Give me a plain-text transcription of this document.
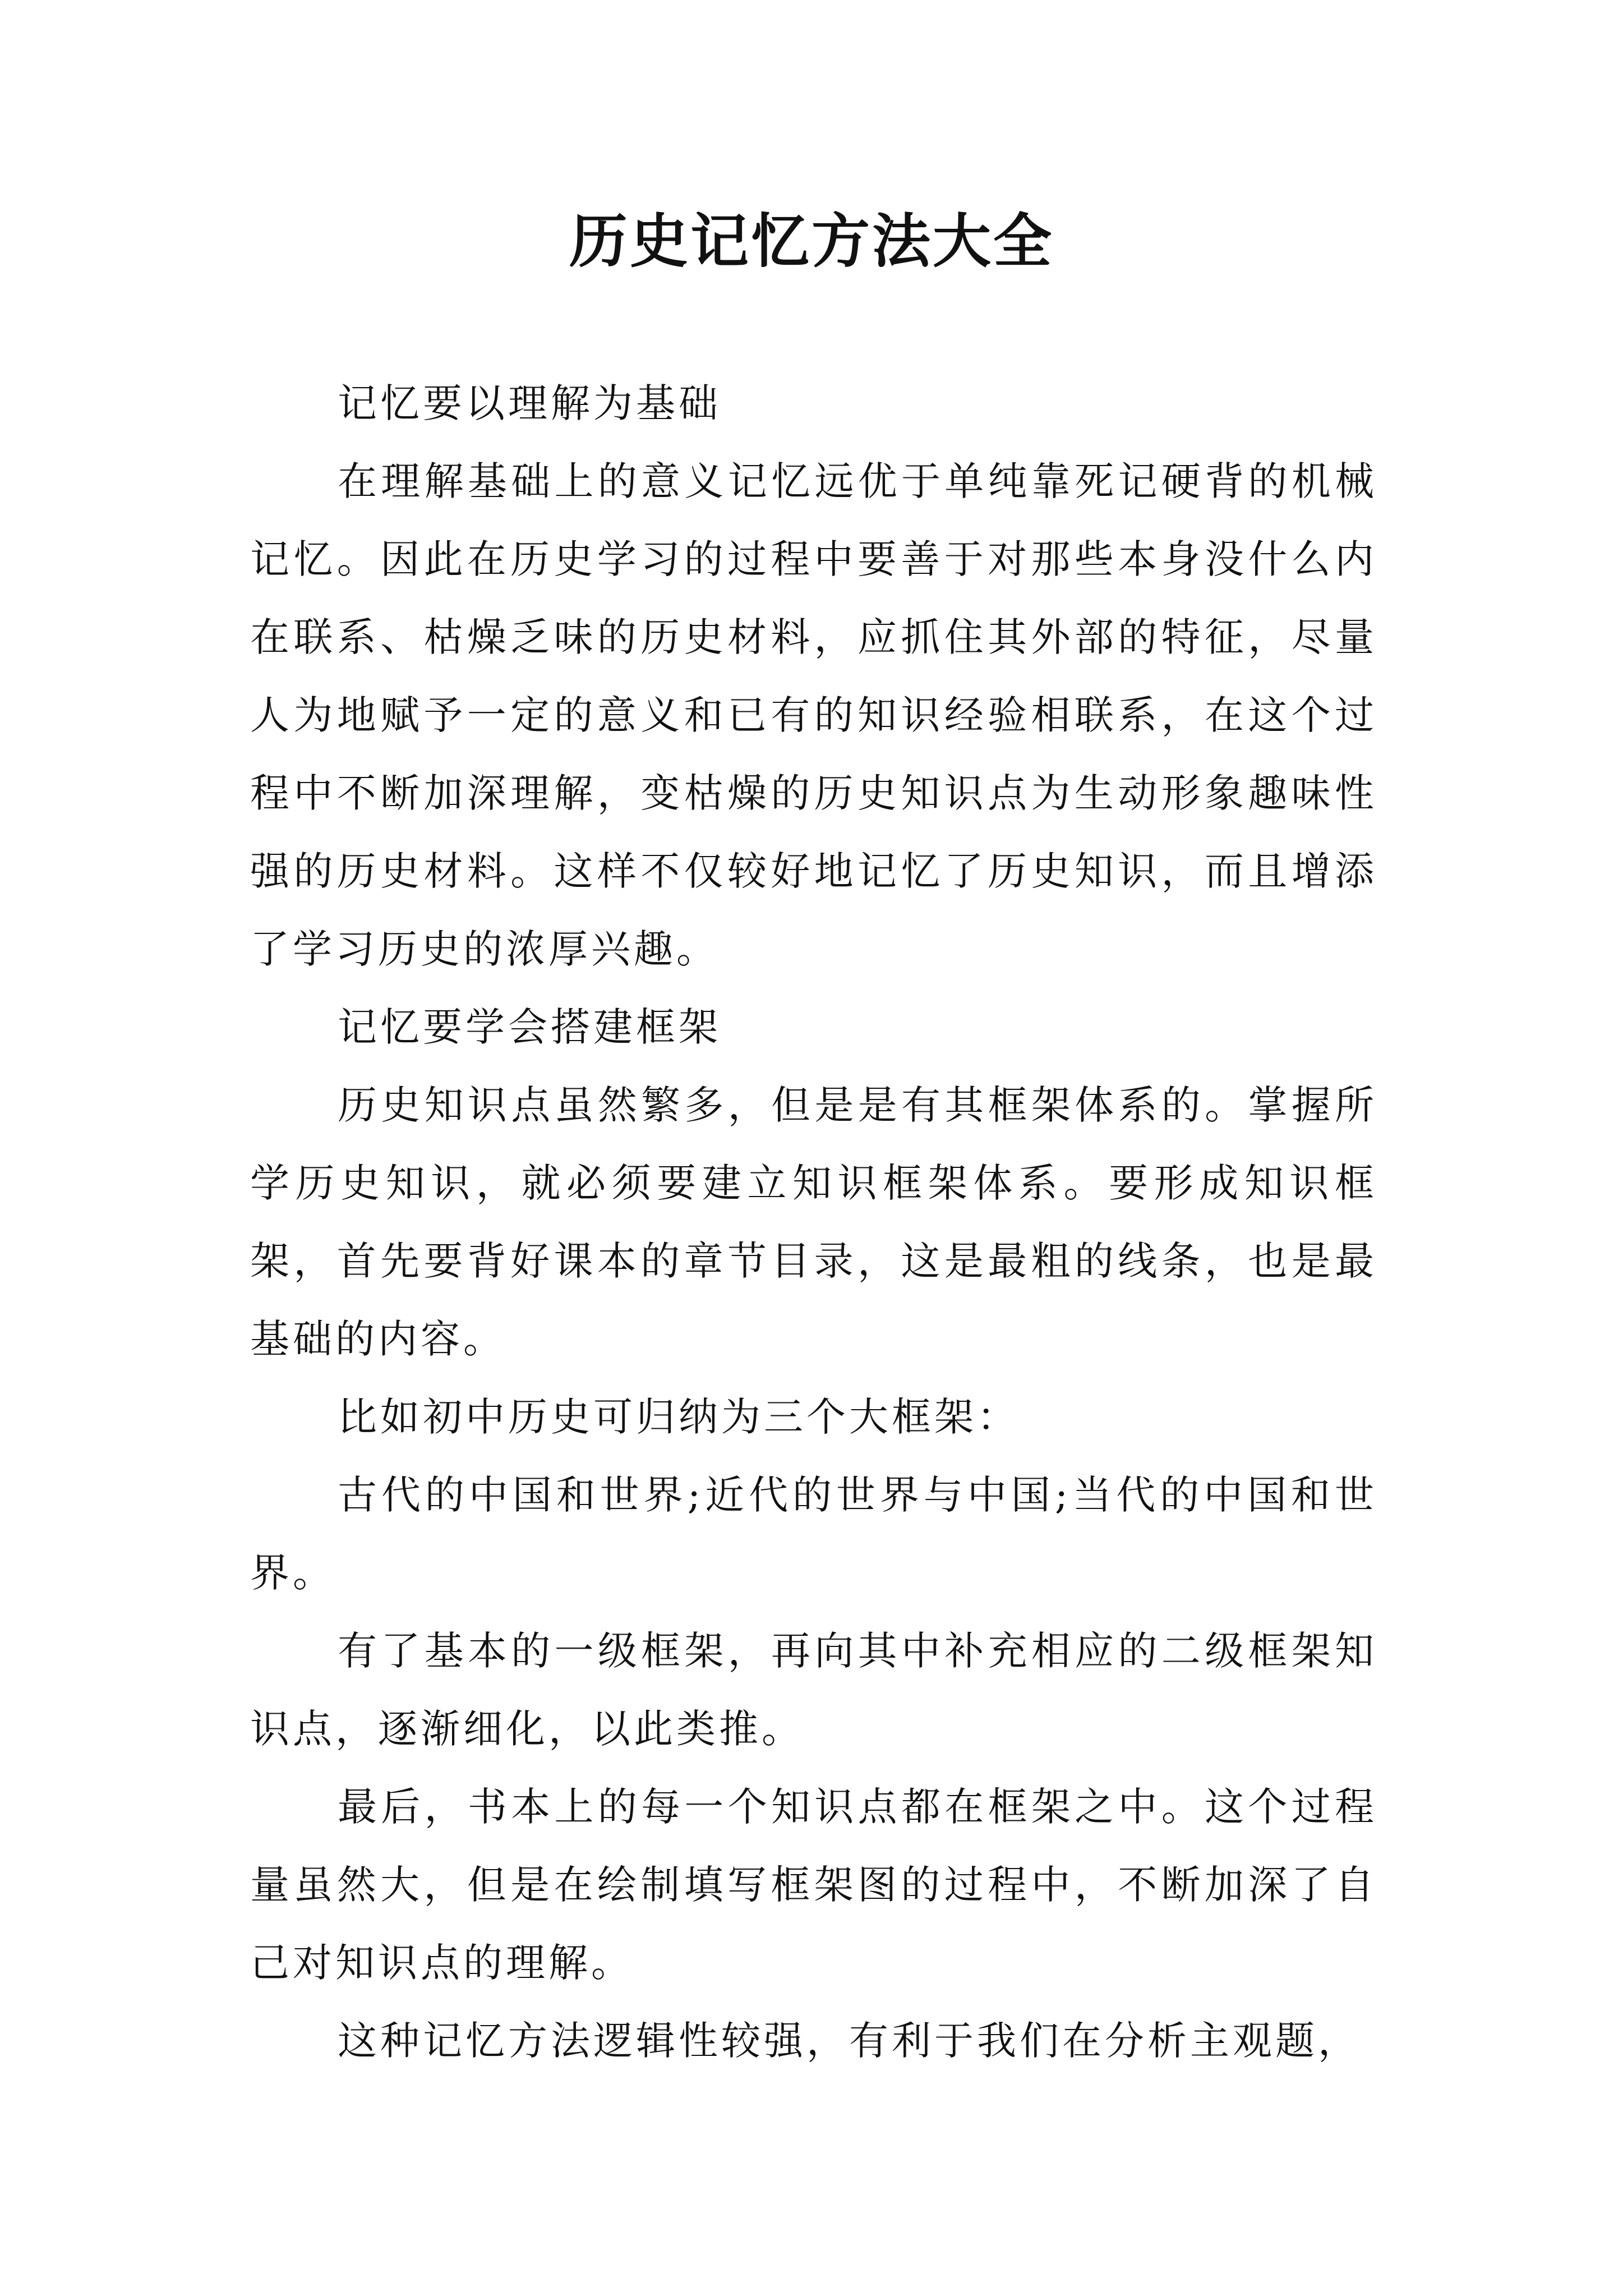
历史记忆方法大全

记忆要以理解为基础

在理解基础上的意义记忆远优于单纯靠死记硬背的机械记忆。因此在历史学习的过程中要善于对那些本身没什么内在联系、枯燥乏味的历史材料，应抓住其外部的特征，尽量人为地赋予一定的意义和已有的知识经验相联系，在这个过程中不断加深理解，变枯燥的历史知识点为生动形象趣味性强的历史材料。这样不仅较好地记忆了历史知识，而且增添了学习历史的浓厚兴趣。

记忆要学会搭建框架

历史知识点虽然繁多，但是是有其框架体系的。掌握所学历史知识，就必须要建立知识框架体系。要形成知识框架，首先要背好课本的章节目录，这是最粗的线条，也是最基础的内容。

比如初中历史可归纳为三个大框架：

古代的中国和世界;近代的世界与中国;当代的中国和世界。

有了基本的一级框架，再向其中补充相应的二级框架知识点，逐渐细化，以此类推。

最后，书本上的每一个知识点都在框架之中。这个过程量虽然大，但是在绘制填写框架图的过程中，不断加深了自己对知识点的理解。

这种记忆方法逻辑性较强，有利于我们在分析主观题，
